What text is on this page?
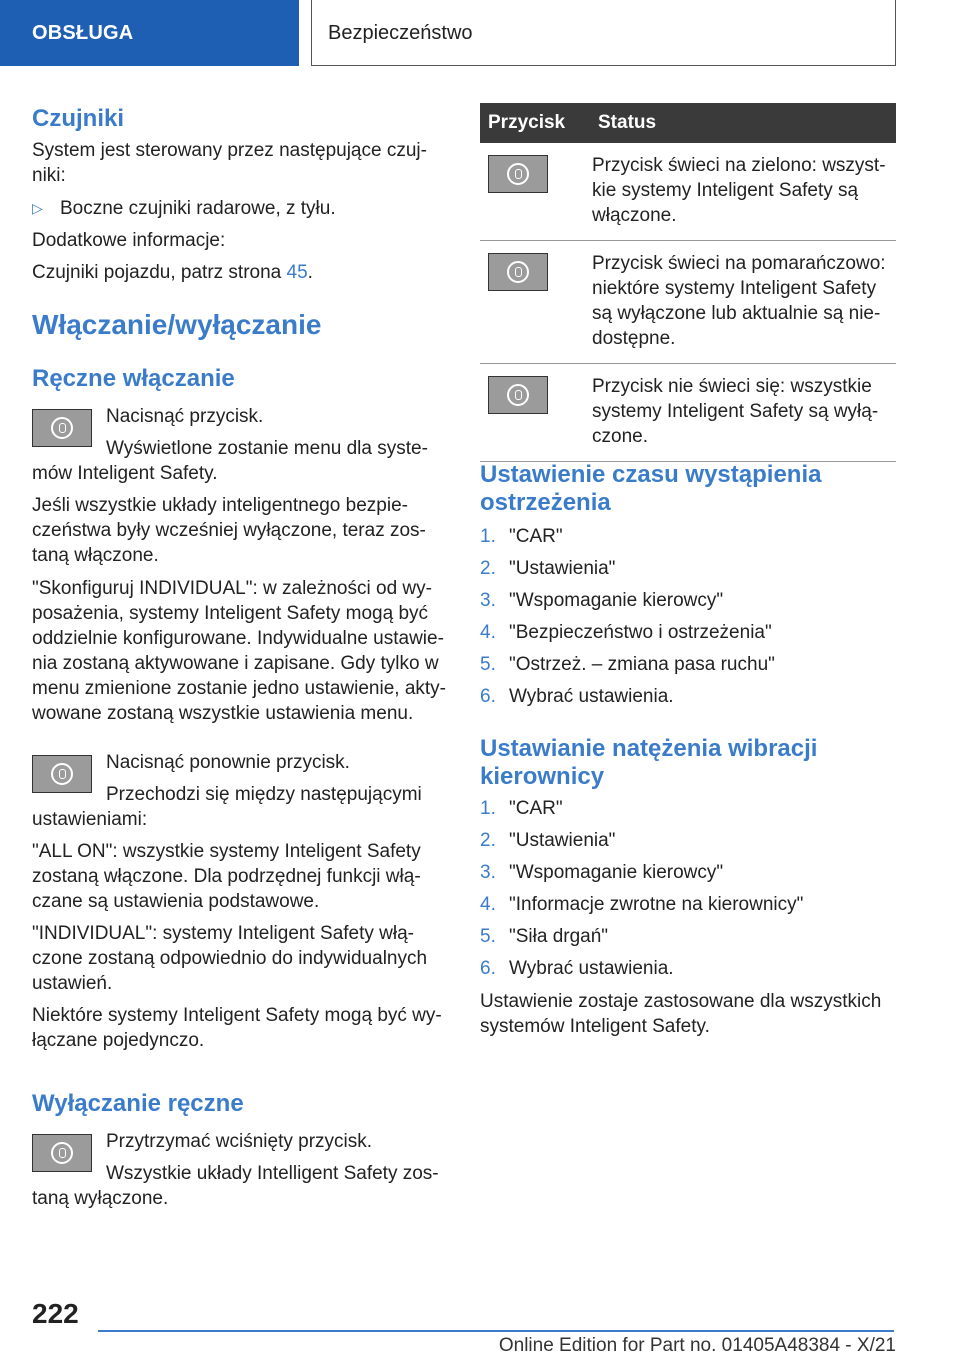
OBSŁUGA	Bezpieczeństwo
Czujniki

System jest sterowany przez następujące czuj- niki:

▷ Boczne czujniki radarowe, z tyłu.

Dodatkowe informacje:

Czujniki pojazdu, patrz strona 45.

Włączanie/wyłączanie
Ręczne włączanie

Nacisnąć przycisk.

Wyświetlone zostanie menu dla syste-

mów Inteligent Safety.

Jeśli wszystkie układy inteligentnego bezpie- czeństwa były wcześniej wyłączone, teraz zos- taną włączone.

"Skonfiguruj INDIVIDUAL": w zależności od wy- posażenia, systemy Inteligent Safety mogą być oddzielnie konfigurowane. Indywidualne ustawie- nia zostaną aktywowane i zapisane. Gdy tylko w menu zmienione zostanie jedno ustawienie, akty- wowane zostaną wszystkie ustawienia menu.

Nacisnąć ponownie przycisk.

Przechodzi się między następującymi

ustawieniami:

"ALL ON": wszystkie systemy Inteligent Safety zostaną włączone. Dla podrzędnej funkcji włą- czane są ustawienia podstawowe.

"INDIVIDUAL": systemy Inteligent Safety włą- czone zostaną odpowiednio do indywidualnych ustawień.

Niektóre systemy Inteligent Safety mogą być wy- łączane pojedynczo.

Wyłączanie ręczne

Przytrzymać wciśnięty przycisk.

Wszystkie układy Intelligent Safety zos-

taną wyłączone.

Przycisk	Status

	Przycisk świeci na zielono: wszyst- kie systemy Inteligent Safety są włączone.

	Przycisk świeci na pomarańczowo: niektóre systemy Inteligent Safety są wyłączone lub aktualnie są nie- dostępne.

	Przycisk nie świeci się: wszystkie systemy Inteligent Safety są wyłą- czone.
Ustawienie czasu wystąpienia ostrzeżenia
1. "CAR"
2. "Ustawienia"
3. "Wspomaganie kierowcy"
4. "Bezpieczeństwo i ostrzeżenia"
5. "Ostrzeż. – zmiana pasa ruchu"
6. Wybrać ustawienia.
Ustawianie natężenia wibracji kierownicy
1. "CAR"
2. "Ustawienia"
3. "Wspomaganie kierowcy"
4. "Informacje zwrotne na kierownicy"
5. "Siła drgań"
6. Wybrać ustawienia.

Ustawienie zostaje zastosowane dla wszystkich systemów Inteligent Safety.

222
Online Edition for Part no. 01405A48384 - X/21
